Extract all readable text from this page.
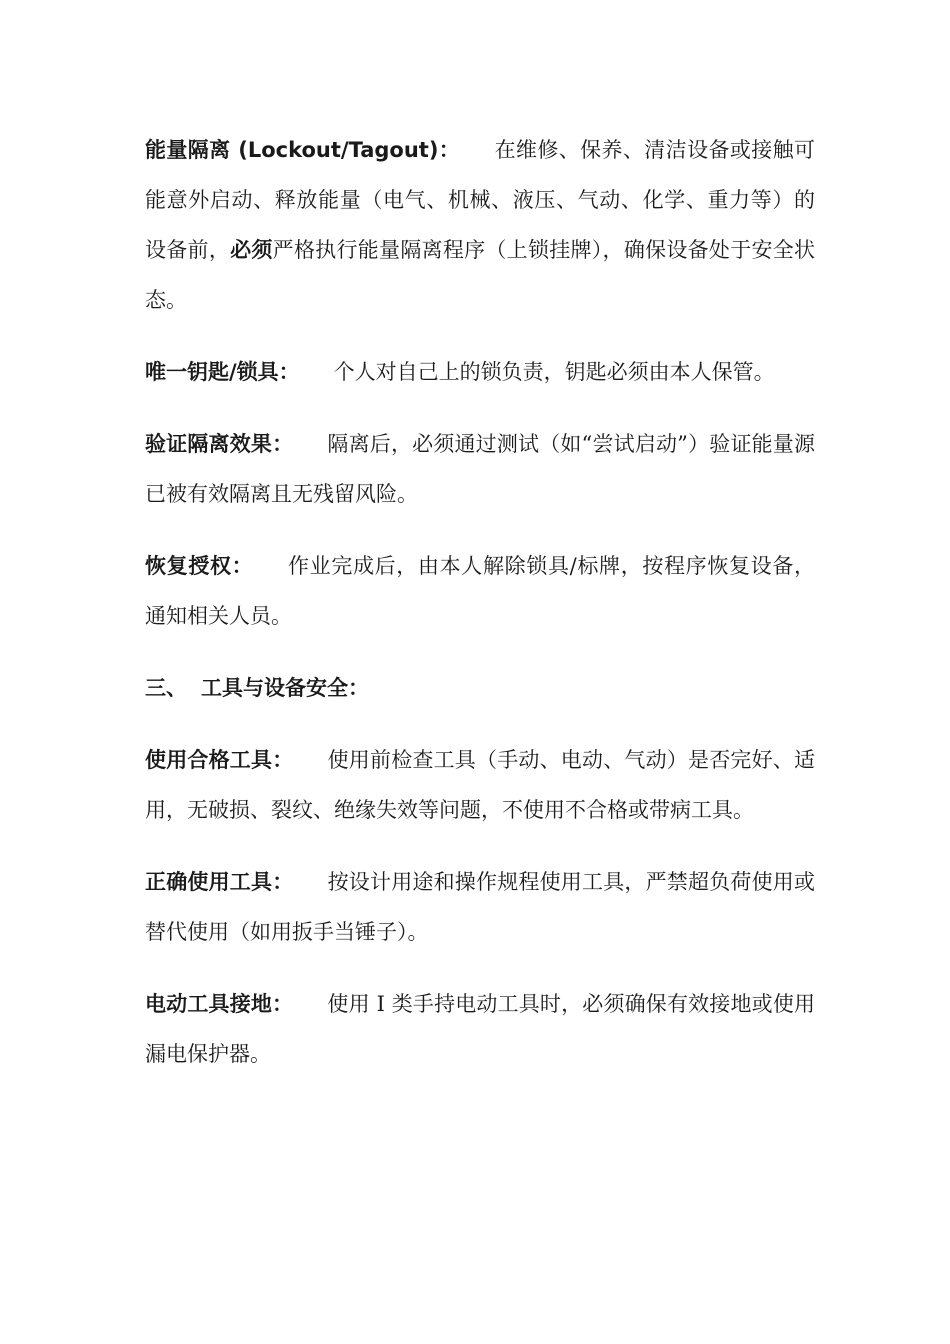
能量隔离 (Lockout/Tagout)： 在维修、保养、清洁设备或接触可能意外启动、释放能量（电气、机械、液压、气动、化学、重力等）的设备前，必须严格执行能量隔离程序（上锁挂牌），确保设备处于安全状态。

唯一钥匙/锁具： 个人对自己上的锁负责，钥匙必须由本人保管。

验证隔离效果： 隔离后，必须通过测试（如“尝试启动”）验证能量源已被有效隔离且无残留风险。

恢复授权： 作业完成后，由本人解除锁具/标牌，按程序恢复设备，通知相关人员。

三、 工具与设备安全：

使用合格工具： 使用前检查工具（手动、电动、气动）是否完好、适用，无破损、裂纹、绝缘失效等问题，不使用不合格或带病工具。

正确使用工具： 按设计用途和操作规程使用工具，严禁超负荷使用或替代使用（如用扳手当锤子）。

电动工具接地： 使用 I 类手持电动工具时，必须确保有效接地或使用漏电保护器。
